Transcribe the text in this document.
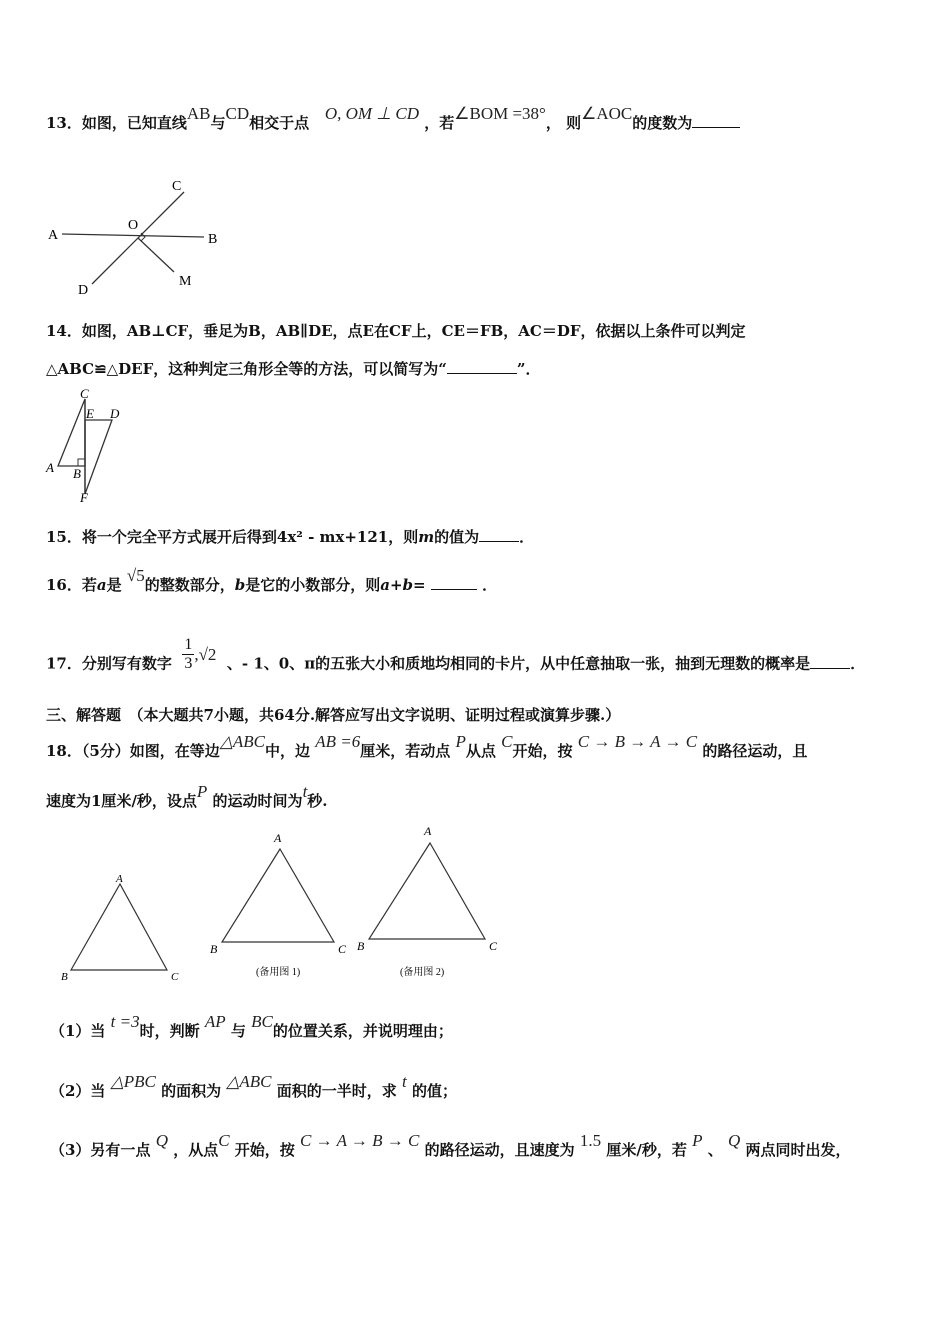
13．如图，已知直线AB与CD相交于点 O, OM ⊥ CD ，若∠BOM =38°， 则∠AOC的度数为
A	B
C
D
O
M
14．如图，AB⊥CF，垂足为B，AB∥DE，点E在CF上，CE＝FB，AC＝DF，依据以上条件可以判定
△ABC≌△DEF，这种判定三角形全等的方法，可以简写为“	”．
C
E D
A B
F
15．将一个完全平方式展开后得到4x² - mx+121，则m的值为	．
16．若a是 √5的整数部分，b是它的小数部分，则a+b=	．
17．分别写有数字 $\frac{1}{3} ,√2$ 、- 1、0、π的五张大小和质地均相同的卡片，从中任意抽取一张，抽到无理数的概率是	．
三、解答题　（本大题共7小题，共64分.解答应写出文字说明、证明过程或演算步骤.）
18．（5分）如图，在等边△ABC中，边 AB =6厘米，若动点 P从点 C开始，按 C → B → A → C 的路径运动，且
速度为1厘米/秒，设点P 的运动时间为t秒.
A
B	C
A
B	C
(备用图 1)
A
B	C
(备用图 2)
（1）当 t =3时，判断 AP 与 BC的位置关系，并说明理由；
（2）当 △PBC 的面积为 △ABC 面积的一半时，求 t 的值；
（3）另有一点 Q ，从点C 开始，按 C → A → B → C 的路径运动，且速度为 1.5 厘米/秒，若 P 、 Q 两点同时出发，
